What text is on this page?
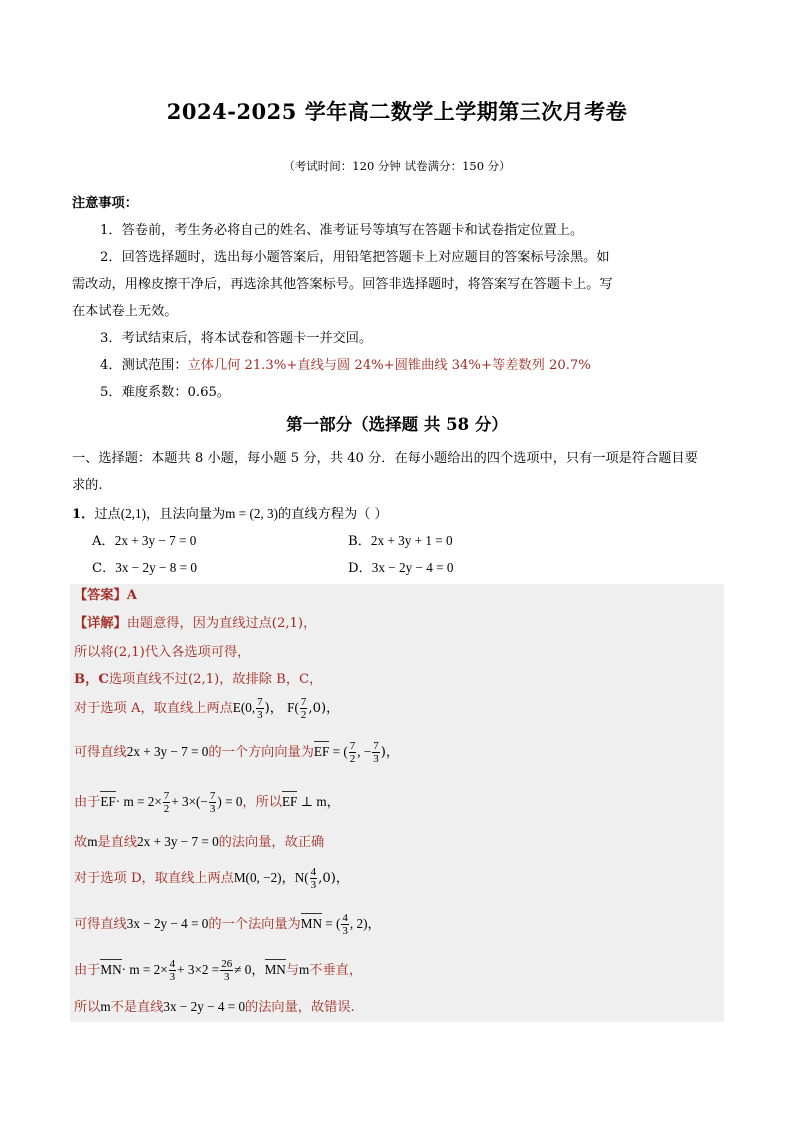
2024-2025 学年高二数学上学期第三次月考卷
（考试时间：120 分钟 试卷满分：150 分）
注意事项：
1．答卷前，考生务必将自己的姓名、准考证号等填写在答题卡和试卷指定位置上。
2．回答选择题时，选出每小题答案后，用铅笔把答题卡上对应题目的答案标号涂黑。如
需改动，用橡皮擦干净后，再选涂其他答案标号。回答非选择题时，将答案写在答题卡上。写
在本试卷上无效。
3．考试结束后，将本试卷和答题卡一并交回。
4．测试范围：立体几何 21.3%+直线与圆 24%+圆锥曲线 34%+等差数列 20.7%
5．难度系数：0.65。
第一部分（选择题 共 58 分）
一、选择题：本题共 8 小题，每小题 5 分，共 40 分．在每小题给出的四个选项中，只有一项是符合题目要
求的.
1．过点(2,1)，且法向量为m = (2, 3)的直线方程为（ ）
A．2x + 3y − 7 = 0	B．2x + 3y + 1 = 0
C．3x − 2y − 8 = 0	D．3x − 2y − 4 = 0
【答案】A
【详解】由题意得，因为直线过点(2,1)，
所以将(2,1)代入各选项可得，
B，C选项直线不过(2,1)，故排除 B，C，
对于选项 A，取直线上两点E(0, $\frac{7}{3}$ )， $F( \frac{7}{2} ,0)$，
可得直线2x + 3y − 7 = 0的一个方向向量为EF = ( $\frac{7}{2}$ , − $\frac{7}{3}$ )，
由于$EF\cdot m = 2\times \frac{7}{2} + 3\times(- \frac{7}{3}$ ) = 0，所以EF ⊥ m，
故m是直线2x + 3y − 7 = 0的法向量，故正确
对于选项 D，取直线上两点M(0, −2)，$N( \frac{4}{3} ,0)$，
可得直线3x − 2y − 4 = 0的一个法向量为MN = ( $\frac{4}{3}$ , 2)，
由于$MN\cdot m = 2\times \frac{4}{3} + 3\times 2 = \frac{26}{3} \ne 0$，MN与m不垂直，
所以m不是直线3x − 2y − 4 = 0的法向量，故错误.
